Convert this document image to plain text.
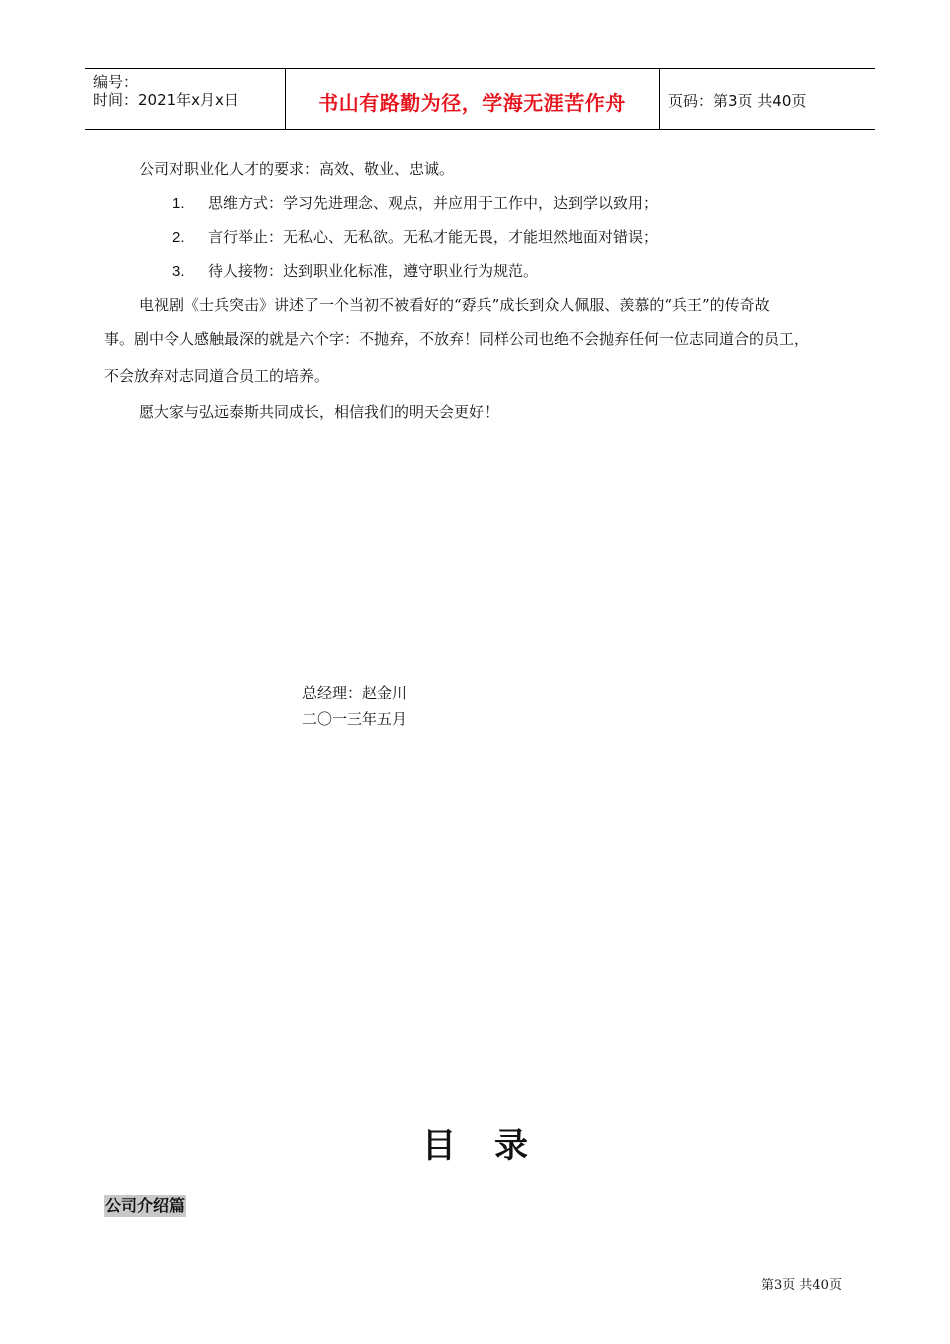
编号：
时间：2021年x月x日	书山有路勤为径，学海无涯苦作舟	页码：第3页 共40页
公司对职业化人才的要求：高效、敬业、忠诚。
1. 思维方式：学习先进理念、观点，并应用于工作中，达到学以致用；
2. 言行举止：无私心、无私欲。无私才能无畏，才能坦然地面对错误；
3. 待人接物：达到职业化标准，遵守职业行为规范。
电视剧《士兵突击》讲述了一个当初不被看好的“孬兵”成长到众人佩服、羡慕的“兵王”的传奇故
事。剧中令人感触最深的就是六个字：不抛弃，不放弃！同样公司也绝不会抛弃任何一位志同道合的员工，
不会放弃对志同道合员工的培养。
愿大家与弘远泰斯共同成长，相信我们的明天会更好！
总经理：赵金川
二〇一三年五月
目录
公司介绍篇
第3页 共40页
